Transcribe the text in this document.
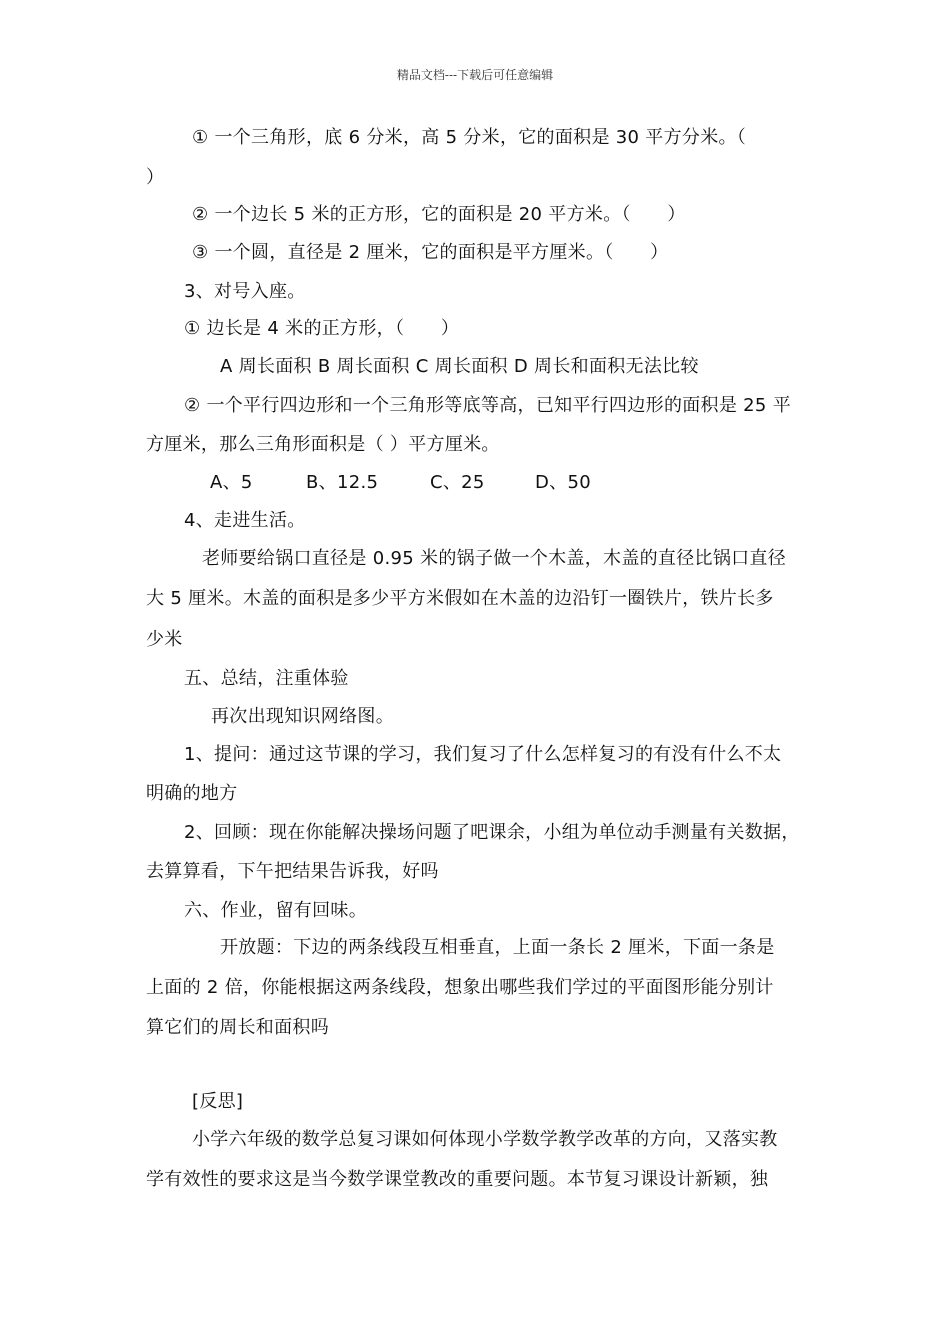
精品文档---下载后可任意编辑
① 一个三角形，底 6 分米，高 5 分米，它的面积是 30 平方分米。（
）
② 一个边长 5 米的正方形，它的面积是 20 平方米。（　　）
③ 一个圆，直径是 2 厘米，它的面积是平方厘米。（　　）
3、对号入座。
① 边长是 4 米的正方形，（　　）
A 周长面积 B 周长面积 C 周长面积 D 周长和面积无法比较
② 一个平行四边形和一个三角形等底等高，已知平行四边形的面积是 25 平
方厘米，那么三角形面积是（ ）平方厘米。
A、5	B、12.5	C、25	D、50
4、走进生活。
老师要给锅口直径是 0.95 米的锅子做一个木盖，木盖的直径比锅口直径
大 5 厘米。木盖的面积是多少平方米假如在木盖的边沿钉一圈铁片，铁片长多
少米
五、总结，注重体验
再次出现知识网络图。
1、提问：通过这节课的学习，我们复习了什么怎样复习的有没有什么不太
明确的地方
2、回顾：现在你能解决操场问题了吧课余，小组为单位动手测量有关数据，
去算算看，下午把结果告诉我，好吗
六、作业，留有回味。
开放题：下边的两条线段互相垂直，上面一条长 2 厘米，下面一条是
上面的 2 倍，你能根据这两条线段，想象出哪些我们学过的平面图形能分别计
算它们的周长和面积吗
[反思]
小学六年级的数学总复习课如何体现小学数学教学改革的方向，又落实教
学有效性的要求这是当今数学课堂教改的重要问题。本节复习课设计新颖，独
